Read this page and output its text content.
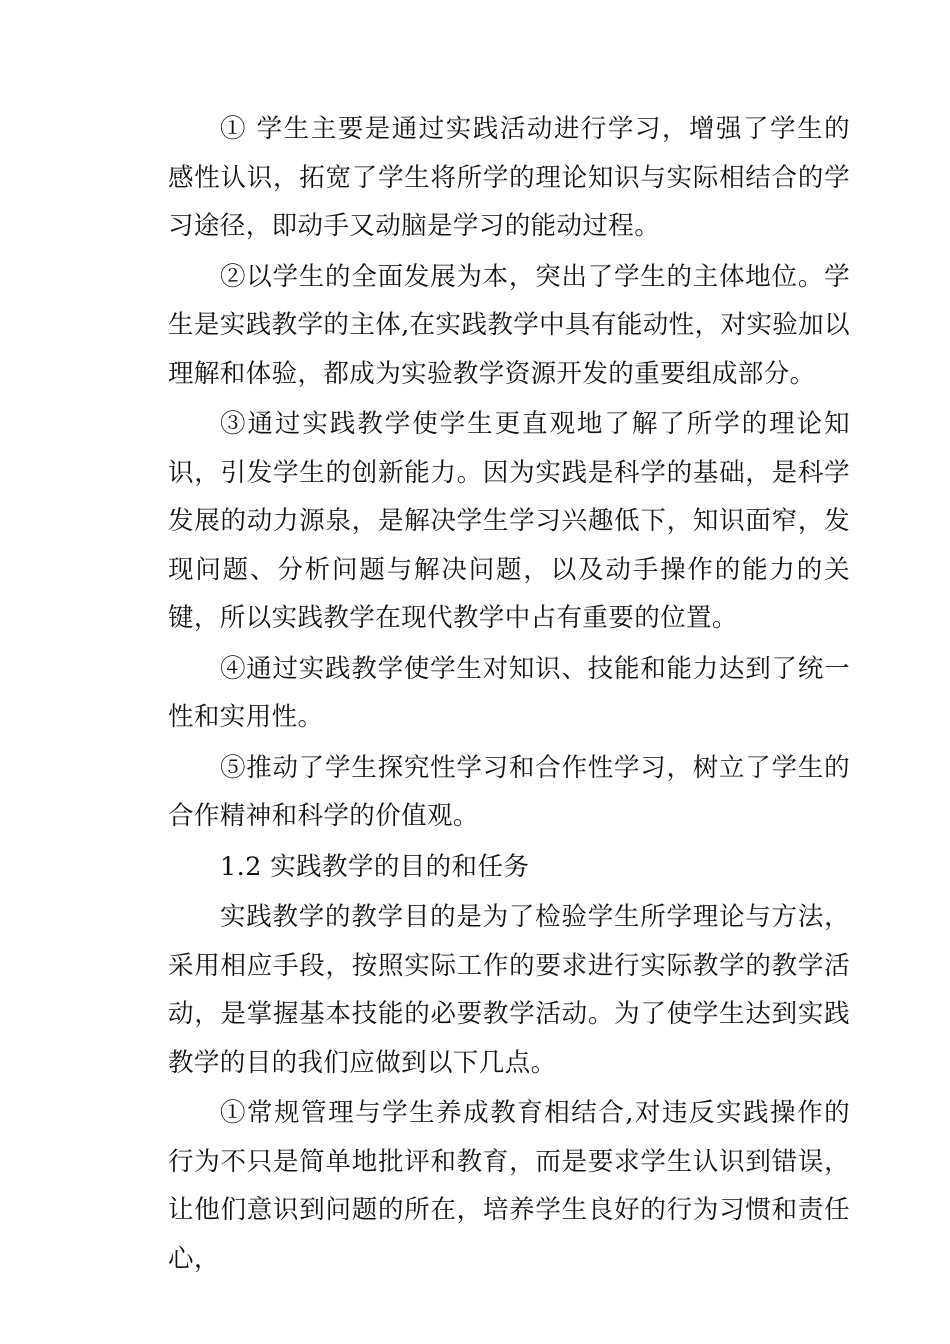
① 学生主要是通过实践活动进行学习，增强了学生的感性认识，拓宽了学生将所学的理论知识与实际相结合的学习途径，即动手又动脑是学习的能动过程。

②以学生的全面发展为本，突出了学生的主体地位。学生是实践教学的主体,在实践教学中具有能动性，对实验加以理解和体验，都成为实验教学资源开发的重要组成部分。

③通过实践教学使学生更直观地了解了所学的理论知识，引发学生的创新能力。因为实践是科学的基础，是科学发展的动力源泉，是解决学生学习兴趣低下，知识面窄，发现问题、分析问题与解决问题，以及动手操作的能力的关键，所以实践教学在现代教学中占有重要的位置。

④通过实践教学使学生对知识、技能和能力达到了统一性和实用性。

⑤推动了学生探究性学习和合作性学习，树立了学生的合作精神和科学的价值观。

1.2 实践教学的目的和任务

实践教学的教学目的是为了检验学生所学理论与方法，采用相应手段，按照实际工作的要求进行实际教学的教学活动，是掌握基本技能的必要教学活动。为了使学生达到实践教学的目的我们应做到以下几点。

①常规管理与学生养成教育相结合,对违反实践操作的行为不只是简单地批评和教育，而是要求学生认识到错误，让他们意识到问题的所在，培养学生良好的行为习惯和责任心，
